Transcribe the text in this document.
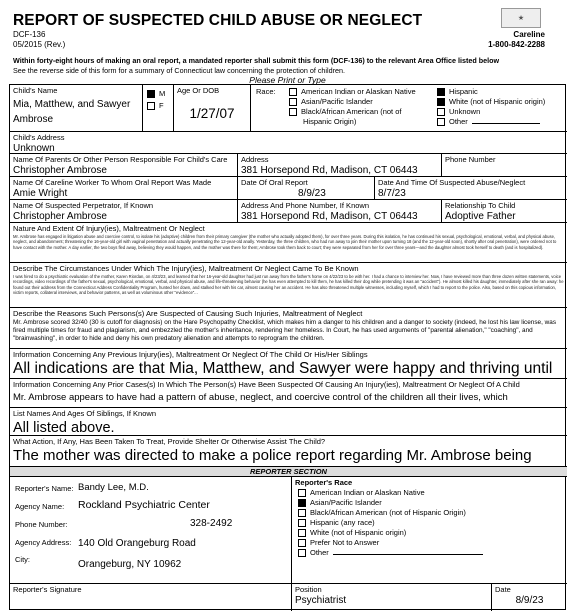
REPORT OF SUSPECTED CHILD ABUSE OR NEGLECT
DCF-136
05/2015 (Rev.)
★
Careline
1-800-842-2288
Within forty-eight hours of making an oral report, a mandated reporter shall submit this form (DCF-136) to the relevant Area Office listed below
See the reverse side of this form for a summary of Connecticut law concerning the protection of children.
Please Print or Type
Child's Name
Mia, Matthew, and Sawyer
Ambrose
M
F
Age Or DOB
1/27/07
Race:	American Indian or Alaskan Native
Asian/Pacific Islander
Black/African American (not of
Hispanic Origin)
Hispanic
White (not of Hispanic origin)
Unknown
Other
Child's Address
Unknown
Name Of Parents Or Other Person Responsible For Child's Care
Christopher Ambrose
Address
381 Horsepond Rd, Madison, CT 06443
Phone Number
Name Of Careline Worker To Whom Oral Report Was Made
Amie Wright
Date Of Oral Report
8/9/23
Date And Time Of Suspected Abuse/Neglect
8/7/23
Name Of Suspected Perpetrator, If Known
Christopher Ambrose
Address And Phone Number, If Known
381 Horsepond Rd, Madison, CT 06443
Relationship To Child
Adoptive Father
Nature And Extent Of Injury(ies), Maltreatment Or Neglect
Mr. Ambrose has engaged in litigation abuse and coercive control, to isolate his (adoptive) children from their primary caregiver (the mother who actually adopted them), for over three years. During this isolation, he has continued his sexual, psychological, emotional, verbal, and physical abuse, neglect, and abandonment; threatening the 16-year-old girl with vaginal penetration and actually penetrating the 12-year-old anally. Yesterday, the three children, who had run away to join their mother upon turning 18 (and the 12-year-old soon), shortly after oral penetration), were ordered not to have contact with the mother. A day earlier, the two boys fled away, believing they would happen, and the mother was there for them; Ambrose took them back to court; they were separated from her for over three years—and the daughter almost took herself to death (and is hospitalized).
Describe The Circumstances Under Which The Injury(ies), Maltreatment Or Neglect Came To Be Known
I was hired to do a psychiatric evaluation of the mother, Karen Riordan, on 4/23/23, and learned that her 16-year-old daughter had just run away from the father's home on 4/22/23 to be with her. I had a chance to interview her. Now, I have reviewed more than three dozen written statements, voice recordings, video recordings of the father's sexual, psychological, emotional, verbal, and physical abuse, and life-threatening behavior (he has even attempted to kill them, he has killed their dog while pretending it was an "accident"). He almost killed his daughter, immediately after she ran away: he found out their address from the Connecticut Address Confidentiality Program, hunted her down, and stalked her with his car, almost causing her an accident. He has also threatened multiple witnesses, including myself, which I had to report to the police. Also, based on this copious information, victim reports, collateral interviews, and behavior patterns, as well as voluminous other "evidence"...
Describe the Reasons Such Persons(s) Are Suspected of Causing Such Injuries, Maltreatment of Neglect
Mr. Ambrose scored 32/40 (30 is cutoff for diagnosis) on the Hare Psychopathy Checklist, which makes him a danger to his children and a danger to society (indeed, he lost his law license, was fired multiple times for fraud and plagiarism, and embezzled the mother's inheritance, rendering her homeless. In Court, he has used arguments of "parental alienation," "coaching", and "brainwashing", in order to hide and deny his own predatory alienation and attempts to reprogram the children.
Information Concerning Any Previous Injury(ies), Maltreatment Or Neglect Of The Child Or His/Her Siblings
All indications are that Mia, Matthew, and Sawyer were happy and thriving until
Information Concerning Any Prior Cases(s) In Which The Person(s) Have Been Suspected Of Causing An Injury(ies), Maltreatment Or Neglect Of A Child
Mr. Ambrose appears to have had a pattern of abuse, neglect, and coercive control of the children all their lives, which
List Names And Ages Of Siblings, If Known
All listed above.
What Action, If Any, Has Been Taken To Treat, Provide Shelter Or Otherwise Assist The Child?
The mother was directed to make a police report regarding Mr. Ambrose being
REPORTER SECTION
Reporter's Name: Bandy Lee, M.D.
Agency Name: Rockland Psychiatric Center
Phone Number:	328-2492
Agency Address: 140 Old Orangeburg Road
City:	Orangeburg, NY 10962
Reporter's Race
American Indian or Alaskan Native
Asian/Pacific Islander
Black/African American (not of Hispanic Origin)
Hispanic (any race)
White (not of Hispanic origin)
Prefer Not to Answer
Other
Reporter's Signature	Position
Psychiatrist
Date
8/9/23
